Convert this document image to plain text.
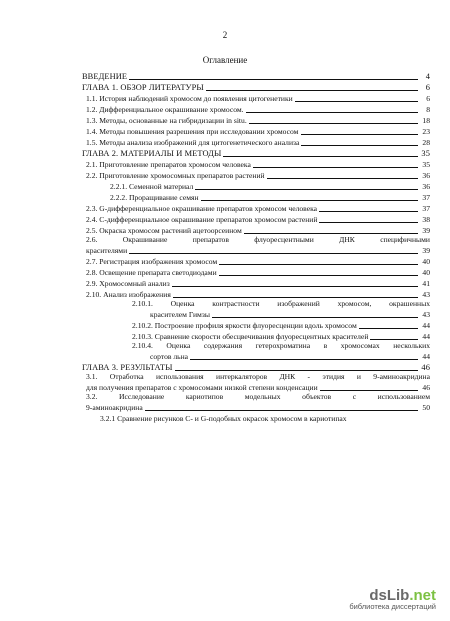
2
Оглавление
ВВЕДЕНИЕ	4
ГЛАВА 1. ОБЗОР ЛИТЕРАТУРЫ	6
1.1. История наблюдений хромосом до появления цитогенетики	6
1.2. Дифференциальное окрашивание хромосом.	8
1.3. Методы, основанные на гибридизации in situ.	18
1.4. Методы повышения разрешения при исследовании хромосом	23
1.5. Методы анализа изображений для цитогенетического анализа	28
ГЛАВА 2. МАТЕРИАЛЫ И МЕТОДЫ	35
2.1. Приготовление препаратов хромосом человека	35
2.2. Приготовление хромосомных препаратов растений	36
2.2.1. Семенной материал	36
2.2.2. Проращивание семян	37
2.3. G-дифференциальное окрашивание препаратов хромосом человека	37
2.4. С-дифференциальное окрашивание препаратов хромосом растений	38
2.5. Окраска хромосом растений ацетоорсеином	39
2.6. Окрашивание препаратов флуоресцентными ДНК специфичными
красителями	39
2.7. Регистрация изображения хромосом	40
2.8. Освещение препарата светодиодами	40
2.9. Хромосомный анализ	41
2.10. Анализ изображения	43
2.10.1. Оценка контрастности изображений хромосом, окрашенных
красителем Гимзы	43
2.10.2. Построение профиля яркости флуоресценции вдоль хромосом	44
2.10.3. Сравнение скорости обесцвечивания флуоресцентных красителей	44
2.10.4. Оценка содержания гетерохроматина в хромосомах нескольких
сортов льна	44
ГЛАВА 3. РЕЗУЛЬТАТЫ	46
3.1. Отработка использования интеркаляторов ДНК - этидия и 9-аминоакридина
для получения препаратов с хромосомами низкой степени конденсации	46
3.2. Исследование кариотипов модельных объектов с использованием
9-аминоакридина	50
3.2.1 Сравнение рисунков С- и G-подобных окрасок хромосом в кариотипах
dsLib.net
библиотека диссертаций
